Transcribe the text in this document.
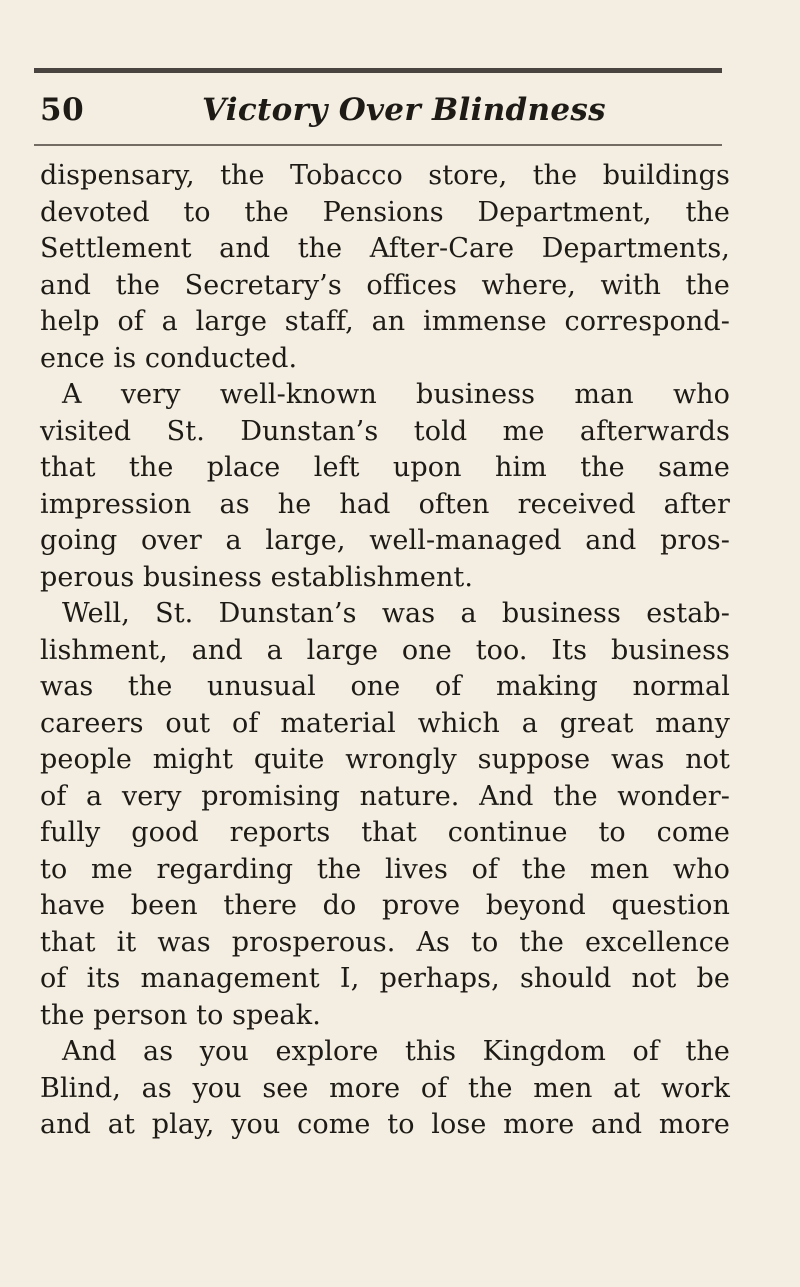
50	Victory Over Blindness
dispensary, the Tobacco store, the buildings
devoted to the Pensions Department, the
Settlement and the After-Care Departments,
and the Secretary’s offices where, with the
help of a large staff, an immense correspond-
ence is conducted.
A very well-known business man who
visited St. Dunstan’s told me afterwards
that the place left upon him the same
impression as he had often received after
going over a large, well-managed and pros-
perous business establishment.
Well, St. Dunstan’s was a business estab-
lishment, and a large one too. Its business
was the unusual one of making normal
careers out of material which a great many
people might quite wrongly suppose was not
of a very promising nature. And the wonder-
fully good reports that continue to come
to me regarding the lives of the men who
have been there do prove beyond question
that it was prosperous. As to the excellence
of its management I, perhaps, should not be
the person to speak.
And as you explore this Kingdom of the
Blind, as you see more of the men at work
and at play, you come to lose more and more
